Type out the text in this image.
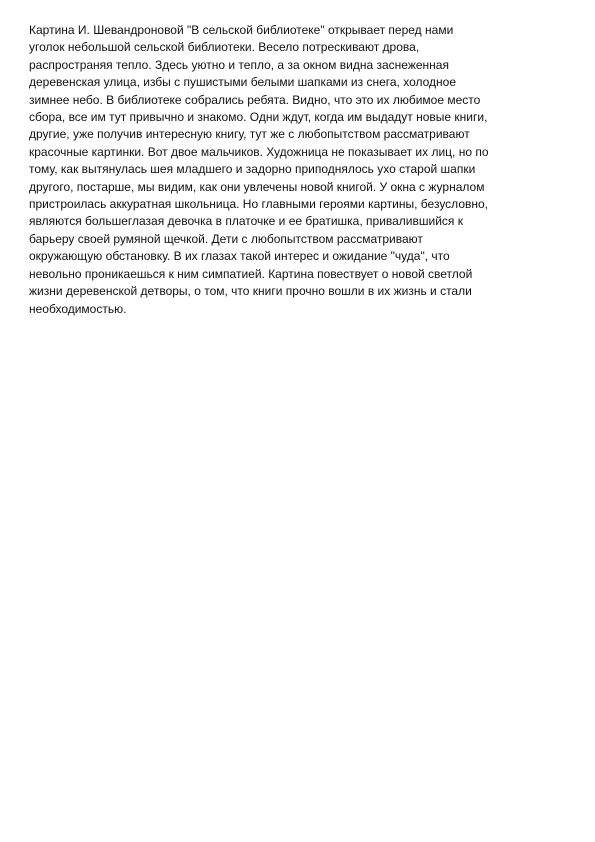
Картина И. Шевандроновой "В сельской библиотеке" открывает перед нами
уголок небольшой сельской библиотеки. Весело потрескивают дрова,
распространяя тепло. Здесь уютно и тепло, а за окном видна заснеженная
деревенская улица, избы с пушистыми белыми шапками из снега, холодное
зимнее небо. В библиотеке собрались ребята. Видно, что это их любимое место
сбора, все им тут привычно и знакомо. Одни ждут, когда им выдадут новые книги,
другие, уже получив интересную книгу, тут же с любопытством рассматривают
красочные картинки. Вот двое мальчиков. Художница не показывает их лиц, но по
тому, как вытянулась шея младшего и задорно приподнялось ухо старой шапки
другого, постарше, мы видим, как они увлечены новой книгой. У окна с журналом
пристроилась аккуратная школьница. Но главными героями картины, безусловно,
являются большеглазая девочка в платочке и ее братишка, привалившийся к
барьеру своей румяной щечкой. Дети с любопытством рассматривают
окружающую обстановку. В их глазах такой интерес и ожидание "чуда", что
невольно проникаешься к ним симпатией. Картина повествует о новой светлой
жизни деревенской детворы, о том, что книги прочно вошли в их жизнь и стали
необходимостью.
